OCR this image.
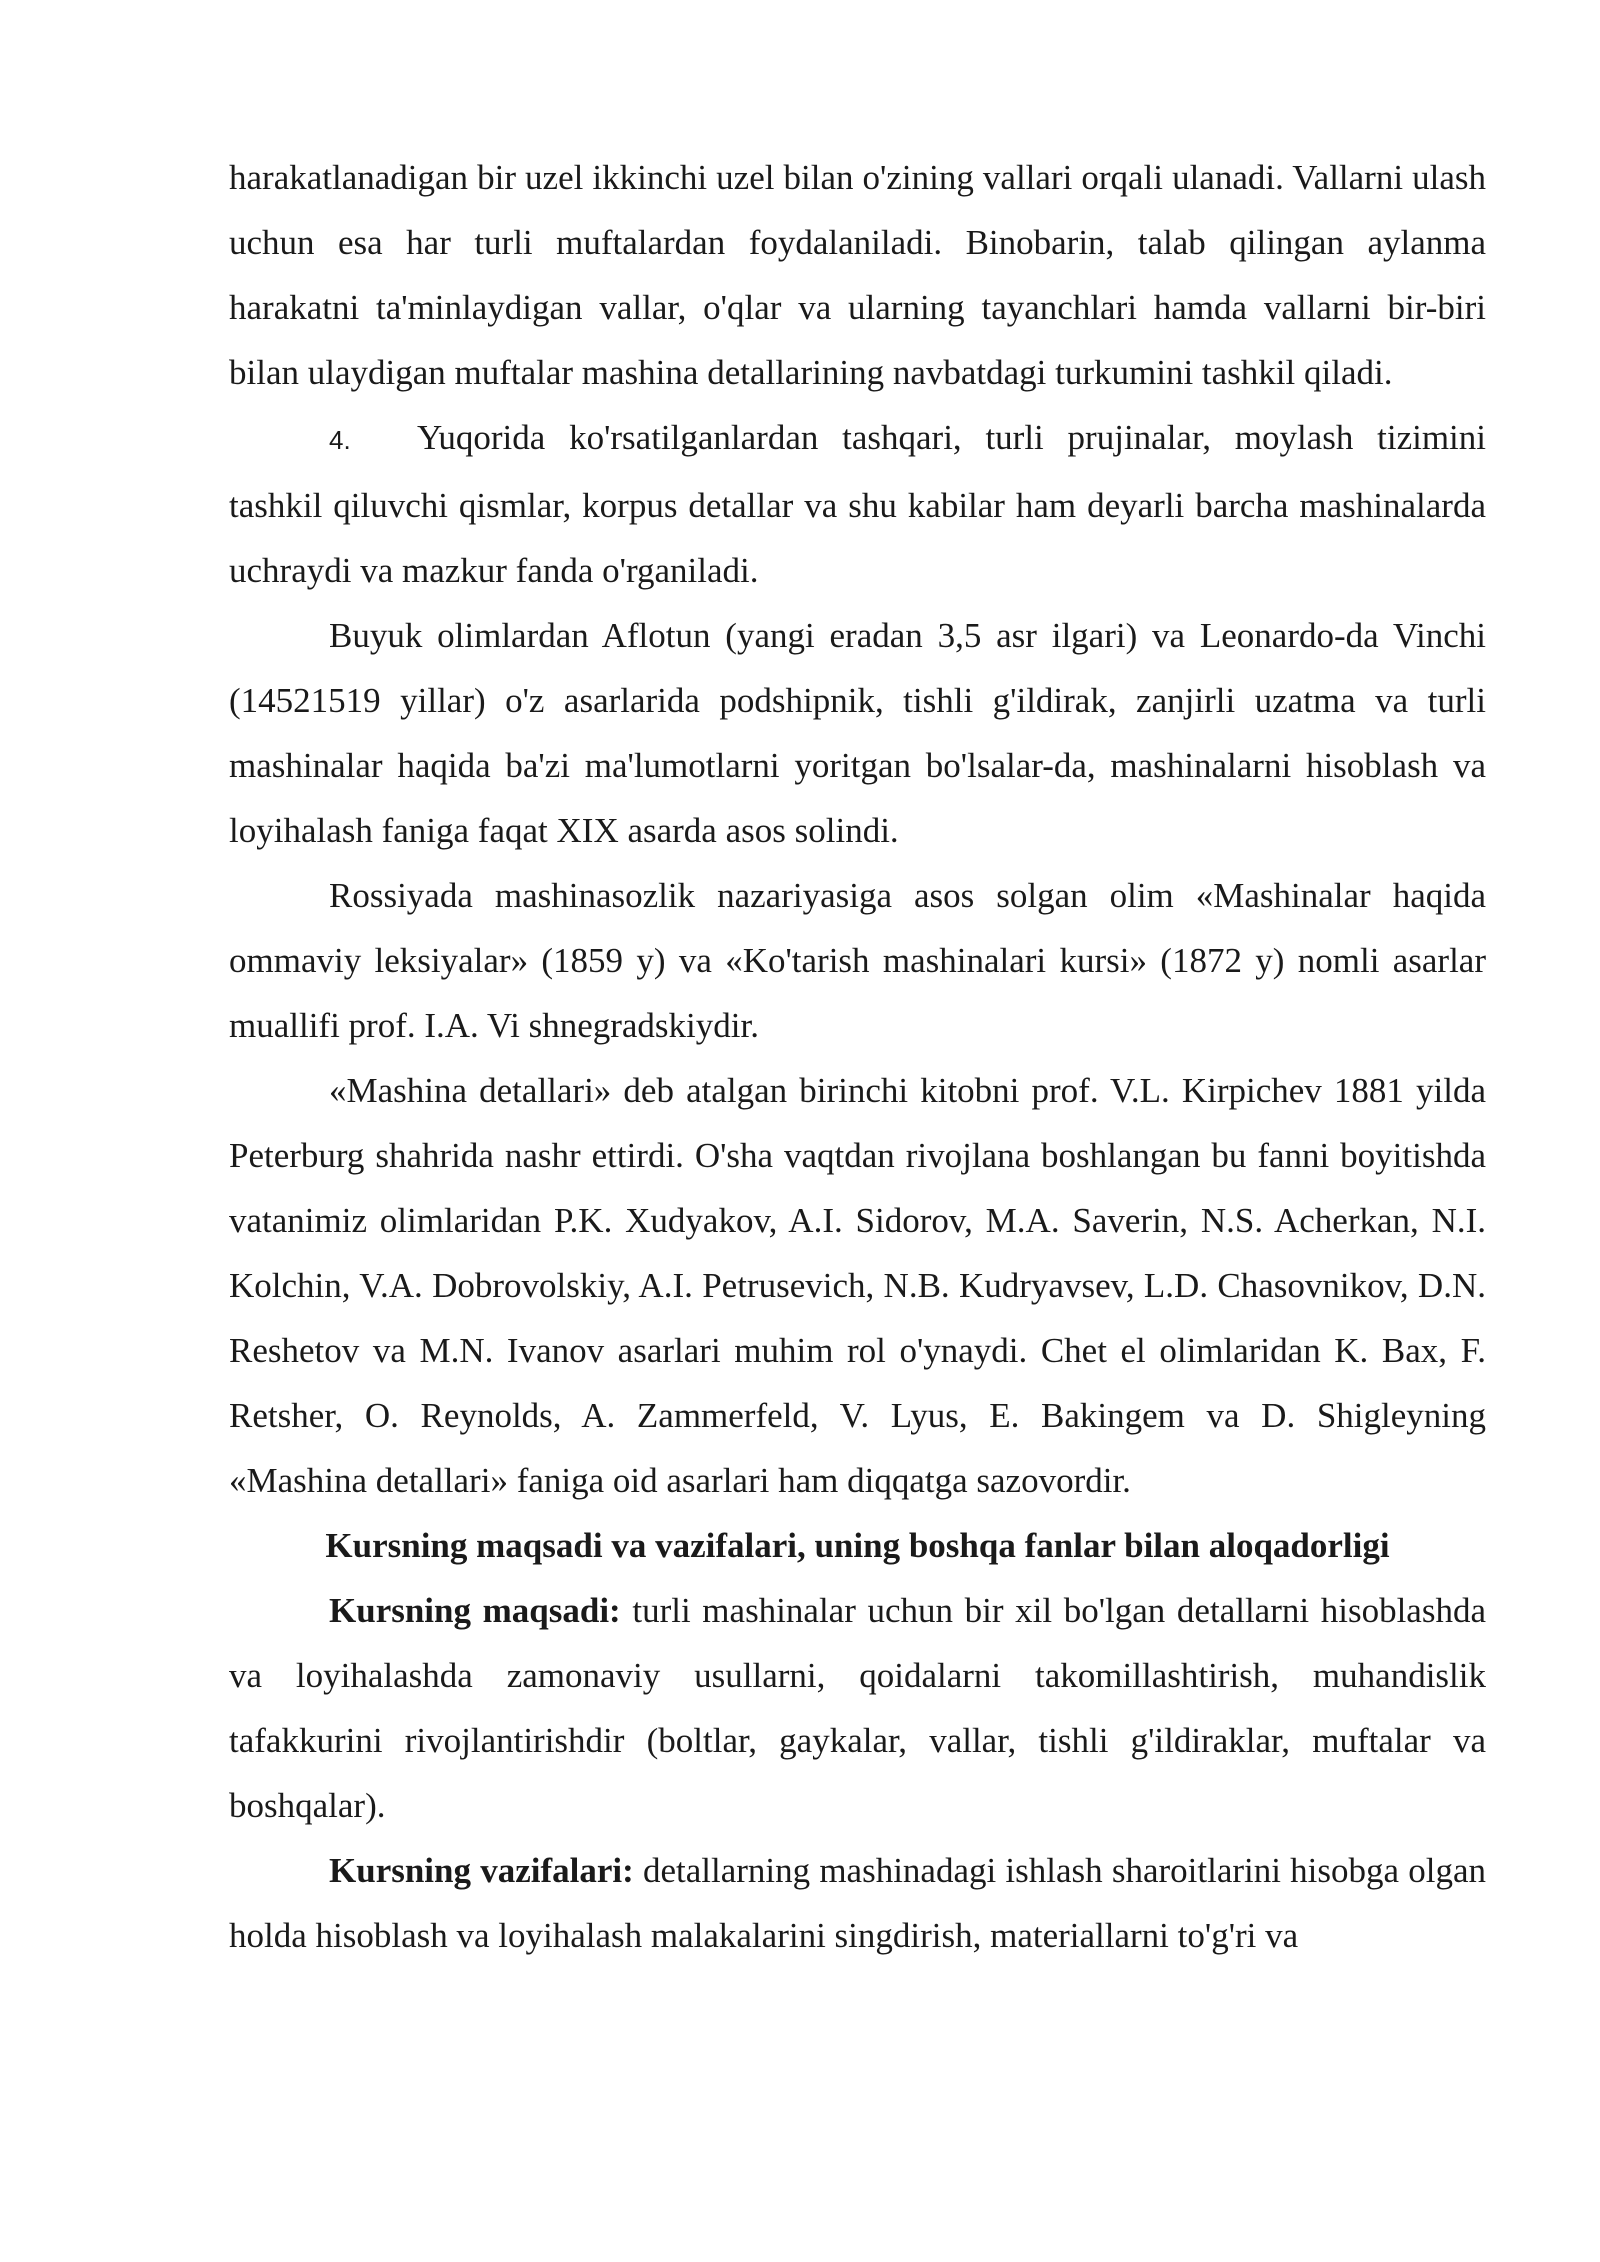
harakatlanadigan bir uzel ikkinchi uzel bilan o'zining vallari orqali ulanadi. Vallarni ulash uchun esa har turli muftalardan foydalaniladi. Binobarin, talab qilingan aylanma harakatni ta'minlaydigan vallar, o'qlar va ularning tayanchlari hamda vallarni bir-biri bilan ulaydigan muftalar mashina detallarining navbatdagi turkumini tashkil qiladi.

4. Yuqorida ko'rsatilganlardan tashqari, turli prujinalar, moylash tizimini tashkil qiluvchi qismlar, korpus detallar va shu kabilar ham deyarli barcha mashinalarda uchraydi va mazkur fanda o'rganiladi.

Buyuk olimlardan Aflotun (yangi eradan 3,5 asr ilgari) va Leonardo-da Vinchi (14521519 yillar) o'z asarlarida podshipnik, tishli g'ildirak, zanjirli uzatma va turli mashinalar haqida ba'zi ma'lumotlarni yoritgan bo'lsalar-da, mashinalarni hisoblash va loyihalash faniga faqat XIX asarda asos solindi.

Rossiyada mashinasozlik nazariyasiga asos solgan olim «Mashinalar haqida ommaviy leksiyalar» (1859 y) va «Ko'tarish mashinalari kursi» (1872 y) nomli asarlar muallifi prof. I.A. Vi shnegradskiydir.

«Mashina detallari» deb atalgan birinchi kitobni prof. V.L. Kirpichev 1881 yilda Peterburg shahrida nashr ettirdi. O'sha vaqtdan rivojlana boshlangan bu fanni boyitishda vatanimiz olimlaridan P.K. Xudyakov, A.I. Sidorov, M.A. Saverin, N.S. Acherkan, N.I. Kolchin, V.A. Dobrovolskiy, A.I. Petrusevich, N.B. Kudryavsev, L.D. Chasovnikov, D.N. Reshetov va M.N. Ivanov asarlari muhim rol o'ynaydi. Chet el olimlaridan K. Bax, F. Retsher, O. Reynolds, A. Zammerfeld, V. Lyus, E. Bakingem va D. Shigleyning «Mashina detallari» faniga oid asarlari ham diqqatga sazovordir.

Kursning maqsadi va vazifalari, uning boshqa fanlar bilan aloqadorligi

Kursning maqsadi: turli mashinalar uchun bir xil bo'lgan detallarni hisoblashda va loyihalashda zamonaviy usullarni, qoidalarni takomillashtirish, muhandislik tafakkurini rivojlantirishdir (boltlar, gaykalar, vallar, tishli g'ildiraklar, muftalar va boshqalar).

Kursning vazifalari: detallarning mashinadagi ishlash sharoitlarini hisobga olgan holda hisoblash va loyihalash malakalarini singdirish, materiallarni to'g'ri va
